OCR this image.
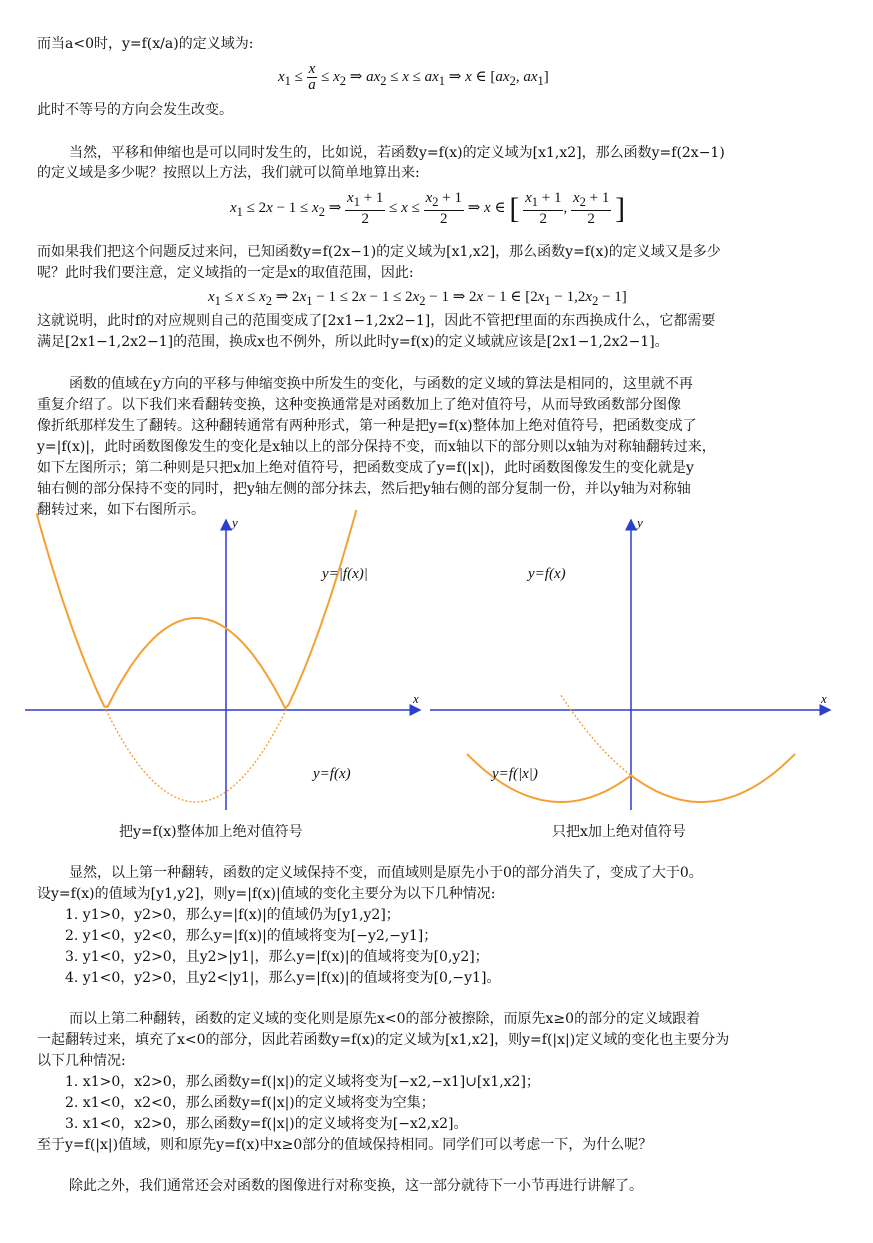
而当a<0时，y=f(x/a)的定义域为:
$x_1 \le \frac{x}{a} \le x_2$ ⇒ $ax_2 \le x \le ax_1$ ⇒ x ∈ [$ax_2$, $ax_1$]
此时不等号的方向会发生改变。
当然，平移和伸缩也是可以同时发生的，比如说，若函数y=f(x)的定义域为[x1,x2]，那么函数y=f(2x−1)
的定义域是多少呢？按照以上方法，我们就可以简单地算出来:
$x_1 \le 2x - 1 \le x_2$ ⇒ $\frac{x_1 + 1}{2} \le x \le \frac{x_2 + 1}{2}$ ⇒ x ∈ [ $\frac{x_1 + 1}{2}$ , $\frac{x_2 + 1}{2}$ ]
而如果我们把这个问题反过来问，已知函数y=f(2x−1)的定义域为[x1,x2]，那么函数y=f(x)的定义域又是多少
呢？此时我们要注意，定义域指的一定是x的取值范围，因此:
$x_1 \le x \le x_2$ ⇒ $2x_1 - 1 \le 2x - 1 \le 2x_2 - 1$ ⇒ 2x − 1 ∈ $[2x_1 - 1,2x_2 - 1]$
这就说明，此时f的对应规则自己的范围变成了[2x1−1,2x2−1]，因此不管把f里面的东西换成什么，它都需要
满足[2x1−1,2x2−1]的范围，换成x也不例外，所以此时y=f(x)的定义域就应该是[2x1−1,2x2−1]。
函数的值域在y方向的平移与伸缩变换中所发生的变化，与函数的定义域的算法是相同的，这里就不再
重复介绍了。以下我们来看翻转变换，这种变换通常是对函数加上了绝对值符号，从而导致函数部分图像
像折纸那样发生了翻转。这种翻转通常有两种形式，第一种是把y=f(x)整体加上绝对值符号，把函数变成了
y=|f(x)|，此时函数图像发生的变化是x轴以上的部分保持不变，而x轴以下的部分则以x轴为对称轴翻转过来，
如下左图所示；第二种则是只把x加上绝对值符号，把函数变成了y=f(|x|)，此时函数图像发生的变化就是y
轴右侧的部分保持不变的同时，把y轴左侧的部分抹去，然后把y轴右侧的部分复制一份，并以y轴为对称轴
翻转过来，如下右图所示。
x
y
y=|f(x)|
y=f(x)
x
y
y=f(x)
y=f(|x|)
把y=f(x)整体加上绝对值符号	只把x加上绝对值符号
显然，以上第一种翻转，函数的定义域保持不变，而值域则是原先小于0的部分消失了，变成了大于0。
设y=f(x)的值域为[y1,y2]，则y=|f(x)|值域的变化主要分为以下几种情况:
1. y1>0，y2>0，那么y=|f(x)|的值域仍为[y1,y2]；
2. y1<0，y2<0，那么y=|f(x)|的值域将变为[−y2,−y1]；
3. y1<0，y2>0，且y2>|y1|，那么y=|f(x)|的值域将变为[0,y2]；
4. y1<0，y2>0，且y2<|y1|，那么y=|f(x)|的值域将变为[0,−y1]。
而以上第二种翻转，函数的定义域的变化则是原先x<0的部分被擦除，而原先x≥0的部分的定义域跟着
一起翻转过来，填充了x<0的部分，因此若函数y=f(x)的定义域为[x1,x2]，则y=f(|x|)定义域的变化也主要分为
以下几种情况:
1. x1>0，x2>0，那么函数y=f(|x|)的定义域将变为[−x2,−x1]∪[x1,x2]；
2. x1<0，x2<0，那么函数y=f(|x|)的定义域将变为空集；
3. x1<0，x2>0，那么函数y=f(|x|)的定义域将变为[−x2,x2]。
至于y=f(|x|)值域，则和原先y=f(x)中x≥0部分的值域保持相同。同学们可以考虑一下，为什么呢？
除此之外，我们通常还会对函数的图像进行对称变换，这一部分就待下一小节再进行讲解了。
